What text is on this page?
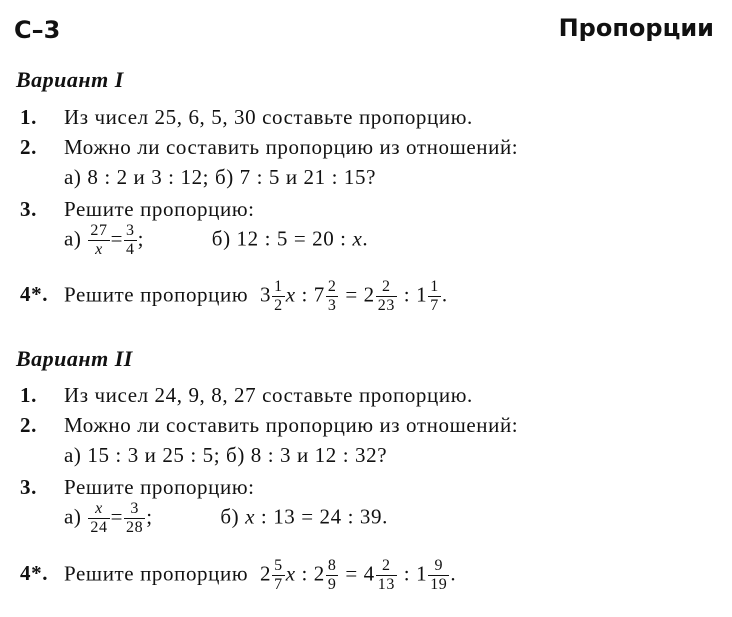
С–3	Пропорции
Вариант I
1. Из чисел 25, 6, 5, 30 составьте пропорцию.
2. Можно ли составить пропорцию из отношений:
а) 8 : 2 и 3 : 12; б) 7 : 5 и 21 : 15?
3. Решите пропорцию:
$а) \frac{27}{x} = \frac{3}{4}$ ;	б) 12 : 5 = 20 : x.
4*. Решите пропорцию $3 \frac{1}{2}$ x : $7 \frac{2}{3} = 2 \frac{2}{23}$ : $1 \frac{1}{7}$ .
Вариант II
1. Из чисел 24, 9, 8, 27 составьте пропорцию.
2. Можно ли составить пропорцию из отношений:
а) 15 : 3 и 25 : 5; б) 8 : 3 и 12 : 32?
3. Решите пропорцию:
$а) \frac{x}{24} = \frac{3}{28}$ ;	б) x : 13 = 24 : 39.
4*. Решите пропорцию $2 \frac{5}{7}$ x : $2 \frac{8}{9} = 4 \frac{2}{13}$ : $1 \frac{9}{19}$ .
